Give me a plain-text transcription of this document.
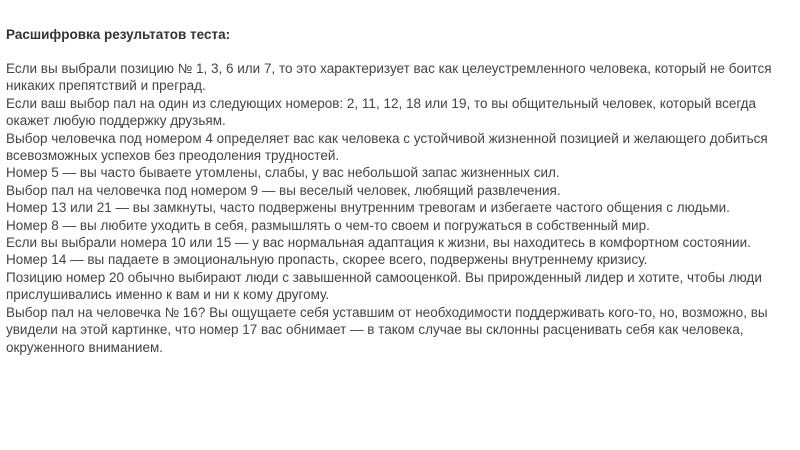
Расшифровка результатов теста:
Если вы выбрали позицию № 1, 3, 6 или 7, то это характеризует вас как целеустремленного человека, который не боится никаких препятствий и преград.
Если ваш выбор пал на один из следующих номеров: 2, 11, 12, 18 или 19, то вы общительный человек, который всегда окажет любую поддержку друзьям.
Выбор человечка под номером 4 определяет вас как человека с устойчивой жизненной позицией и желающего добиться всевозможных успехов без преодоления трудностей.
Номер 5 — вы часто бываете утомлены, слабы, у вас небольшой запас жизненных сил.
Выбор пал на человечка под номером 9 — вы веселый человек, любящий развлечения.
Номер 13 или 21 — вы замкнуты, часто подвержены внутренним тревогам и избегаете частого общения с людьми.
Номер 8 — вы любите уходить в себя, размышлять о чем-то своем и погружаться в собственный мир.
Если вы выбрали номера 10 или 15 — у вас нормальная адаптация к жизни, вы находитесь в комфортном состоянии.
Номер 14 — вы падаете в эмоциональную пропасть, скорее всего, подвержены внутреннему кризису.
Позицию номер 20 обычно выбирают люди с завышенной самооценкой. Вы прирожденный лидер и хотите, чтобы люди прислушивались именно к вам и ни к кому другому.
Выбор пал на человечка № 16? Вы ощущаете себя уставшим от необходимости поддерживать кого-то, но, возможно, вы увидели на этой картинке, что номер 17 вас обнимает — в таком случае вы склонны расценивать себя как человека, окруженного вниманием.
